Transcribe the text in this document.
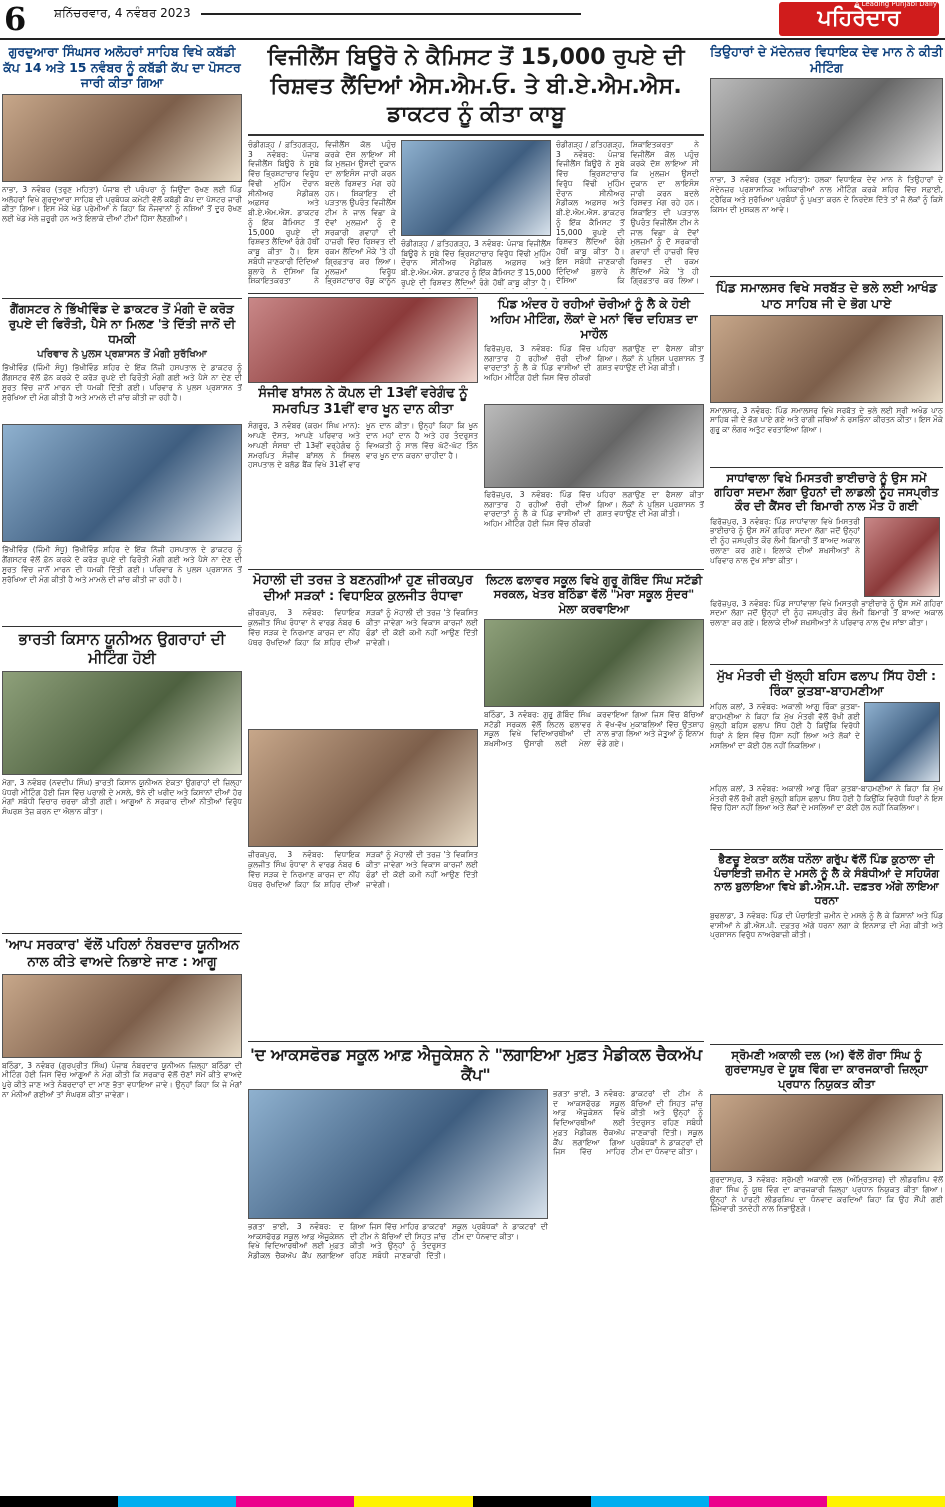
6 ਸ਼ਨਿੱਚਰਵਾਰ, 4 ਨਵੰਬਰ 2023	ਪਹਿਰੇਦਾਰ
A Leading Punjabi Daily
ਗੁਰਦੁਆਰਾ ਸਿੰਘਸਰ ਅਲੋਹਰਾਂ ਸਾਹਿਬ ਵਿਖੇ ਕਬੱਡੀ ਕੱਪ 14 ਅਤੇ 15 ਨਵੰਬਰ ਨੂੰ ਕਬੱਡੀ ਕੱਪ ਦਾ ਪੋਸਟਰ ਜਾਰੀ ਕੀਤਾ ਗਿਆ
ਨਾਭਾ, 3 ਨਵੰਬਰ (ਤਰੁਣ ਮਹਿਤਾ) ਪੰਜਾਬ ਦੀ ਪਰੰਪਰਾ ਨੂੰ ਜਿਉਂਦਾ ਰੱਖਣ ਲਈ ਪਿੰਡ ਅਲੋਹਰਾਂ ਵਿਖੇ ਗੁਰਦੁਆਰਾ ਸਾਹਿਬ ਦੀ ਪ੍ਰਬੰਧਕ ਕਮੇਟੀ ਵੱਲੋਂ ਕਬੱਡੀ ਕੱਪ ਦਾ ਪੋਸਟਰ ਜਾਰੀ ਕੀਤਾ ਗਿਆ। ਇਸ ਮੌਕੇ ਖੇਡ ਪ੍ਰੇਮੀਆਂ ਨੇ ਕਿਹਾ ਕਿ ਨੌਜਵਾਨਾਂ ਨੂੰ ਨਸ਼ਿਆਂ ਤੋਂ ਦੂਰ ਰੱਖਣ ਲਈ ਖੇਡ ਮੇਲੇ ਜ਼ਰੂਰੀ ਹਨ ਅਤੇ ਇਲਾਕੇ ਦੀਆਂ ਟੀਮਾਂ ਹਿੱਸਾ ਲੈਣਗੀਆਂ।
ਗੈਂਗਸਟਰ ਨੇ ਭਿੱਖੀਵਿੰਡ ਦੇ ਡਾਕਟਰ ਤੋਂ ਮੰਗੀ ਦੋ ਕਰੋੜ ਰੁਪਏ ਦੀ ਫਿਰੌਤੀ, ਪੈਸੇ ਨਾ ਮਿਲਣ 'ਤੇ ਦਿੱਤੀ ਜਾਨੋਂ ਦੀ ਧਮਕੀ
ਪਰਿਵਾਰ ਨੇ ਪੁਲਸ ਪ੍ਰਸ਼ਾਸਨ ਤੋਂ ਮੰਗੀ ਸੁਰੱਖਿਆ
ਭਿੱਖੀਵਿੰਡ (ਜਿੰਮੀ ਸੰਧੂ) ਭਿੱਖੀਵਿੰਡ ਸ਼ਹਿਰ ਦੇ ਇੱਕ ਨਿੱਜੀ ਹਸਪਤਾਲ ਦੇ ਡਾਕਟਰ ਨੂੰ ਗੈਂਗਸਟਰ ਵੱਲੋਂ ਫ਼ੋਨ ਕਰਕੇ ਦੋ ਕਰੋੜ ਰੁਪਏ ਦੀ ਫਿਰੌਤੀ ਮੰਗੀ ਗਈ ਅਤੇ ਪੈਸੇ ਨਾ ਦੇਣ ਦੀ ਸੂਰਤ ਵਿੱਚ ਜਾਨੋਂ ਮਾਰਨ ਦੀ ਧਮਕੀ ਦਿੱਤੀ ਗਈ। ਪਰਿਵਾਰ ਨੇ ਪੁਲਸ ਪ੍ਰਸ਼ਾਸਨ ਤੋਂ ਸੁਰੱਖਿਆ ਦੀ ਮੰਗ ਕੀਤੀ ਹੈ ਅਤੇ ਮਾਮਲੇ ਦੀ ਜਾਂਚ ਕੀਤੀ ਜਾ ਰਹੀ ਹੈ।
ਭਿੱਖੀਵਿੰਡ (ਜਿੰਮੀ ਸੰਧੂ) ਭਿੱਖੀਵਿੰਡ ਸ਼ਹਿਰ ਦੇ ਇੱਕ ਨਿੱਜੀ ਹਸਪਤਾਲ ਦੇ ਡਾਕਟਰ ਨੂੰ ਗੈਂਗਸਟਰ ਵੱਲੋਂ ਫ਼ੋਨ ਕਰਕੇ ਦੋ ਕਰੋੜ ਰੁਪਏ ਦੀ ਫਿਰੌਤੀ ਮੰਗੀ ਗਈ ਅਤੇ ਪੈਸੇ ਨਾ ਦੇਣ ਦੀ ਸੂਰਤ ਵਿੱਚ ਜਾਨੋਂ ਮਾਰਨ ਦੀ ਧਮਕੀ ਦਿੱਤੀ ਗਈ। ਪਰਿਵਾਰ ਨੇ ਪੁਲਸ ਪ੍ਰਸ਼ਾਸਨ ਤੋਂ ਸੁਰੱਖਿਆ ਦੀ ਮੰਗ ਕੀਤੀ ਹੈ ਅਤੇ ਮਾਮਲੇ ਦੀ ਜਾਂਚ ਕੀਤੀ ਜਾ ਰਹੀ ਹੈ।
ਭਾਰਤੀ ਕਿਸਾਨ ਯੂਨੀਅਨ ਉਗਰਾਹਾਂ ਦੀ ਮੀਟਿੰਗ ਹੋਈ
ਮੋਗਾ, 3 ਨਵੰਬਰ (ਨਵਦੀਪ ਸਿੰਘ) ਭਾਰਤੀ ਕਿਸਾਨ ਯੂਨੀਅਨ ਏਕਤਾ ਉਗਰਾਹਾਂ ਦੀ ਜ਼ਿਲ੍ਹਾ ਪੱਧਰੀ ਮੀਟਿੰਗ ਹੋਈ ਜਿਸ ਵਿੱਚ ਪਰਾਲੀ ਦੇ ਮਸਲੇ, ਝੋਨੇ ਦੀ ਖਰੀਦ ਅਤੇ ਕਿਸਾਨਾਂ ਦੀਆਂ ਹੋਰ ਮੰਗਾਂ ਸਬੰਧੀ ਵਿਚਾਰ ਚਰਚਾ ਕੀਤੀ ਗਈ। ਆਗੂਆਂ ਨੇ ਸਰਕਾਰ ਦੀਆਂ ਨੀਤੀਆਂ ਵਿਰੁੱਧ ਸੰਘਰਸ਼ ਤੇਜ਼ ਕਰਨ ਦਾ ਐਲਾਨ ਕੀਤਾ।
'ਆਪ ਸਰਕਾਰ' ਵੱਲੋਂ ਪਹਿਲਾਂ ਨੰਬਰਦਾਰ ਯੂਨੀਅਨ ਨਾਲ ਕੀਤੇ ਵਾਅਦੇ ਨਿਭਾਏ ਜਾਣ : ਆਗੂ
ਬਠਿੰਡਾ, 3 ਨਵੰਬਰ (ਗੁਰਪ੍ਰੀਤ ਸਿੰਘ) ਪੰਜਾਬ ਨੰਬਰਦਾਰ ਯੂਨੀਅਨ ਜ਼ਿਲ੍ਹਾ ਬਠਿੰਡਾ ਦੀ ਮੀਟਿੰਗ ਹੋਈ ਜਿਸ ਵਿੱਚ ਆਗੂਆਂ ਨੇ ਮੰਗ ਕੀਤੀ ਕਿ ਸਰਕਾਰ ਵੱਲੋਂ ਚੋਣਾਂ ਸਮੇਂ ਕੀਤੇ ਵਾਅਦੇ ਪੂਰੇ ਕੀਤੇ ਜਾਣ ਅਤੇ ਨੰਬਰਦਾਰਾਂ ਦਾ ਮਾਣ ਭੱਤਾ ਵਧਾਇਆ ਜਾਵੇ। ਉਨ੍ਹਾਂ ਕਿਹਾ ਕਿ ਜੇ ਮੰਗਾਂ ਨਾ ਮੰਨੀਆਂ ਗਈਆਂ ਤਾਂ ਸੰਘਰਸ਼ ਕੀਤਾ ਜਾਵੇਗਾ।
ਵਿਜੀਲੈਂਸ ਬਿਊਰੋ ਨੇ ਕੈਮਿਸਟ ਤੋਂ 15,000 ਰੁਪਏ ਦੀ ਰਿਸ਼ਵਤ ਲੈਂਦਿਆਂ ਐਸ.ਐਮ.ਓ. ਤੇ ਬੀ.ਏ.ਐਮ.ਐਸ. ਡਾਕਟਰ ਨੂੰ ਕੀਤਾ ਕਾਬੂ
ਚੰਡੀਗੜ੍ਹ / ਫ਼ਤਿਹਗੜ੍ਹ, 3 ਨਵੰਬਰ: ਪੰਜਾਬ ਵਿਜੀਲੈਂਸ ਬਿਊਰੋ ਨੇ ਸੂਬੇ ਵਿੱਚ ਭ੍ਰਿਸ਼ਟਾਚਾਰ ਵਿਰੁੱਧ ਵਿੱਢੀ ਮੁਹਿੰਮ ਦੌਰਾਨ ਸੀਨੀਅਰ ਮੈਡੀਕਲ ਅਫ਼ਸਰ ਅਤੇ ਬੀ.ਏ.ਐਮ.ਐਸ. ਡਾਕਟਰ ਨੂੰ ਇੱਕ ਕੈਮਿਸਟ ਤੋਂ 15,000 ਰੁਪਏ ਦੀ ਰਿਸ਼ਵਤ ਲੈਂਦਿਆਂ ਰੰਗੇ ਹੱਥੀਂ ਕਾਬੂ ਕੀਤਾ ਹੈ। ਇਸ ਸਬੰਧੀ ਜਾਣਕਾਰੀ ਦਿੰਦਿਆਂ ਬੁਲਾਰੇ ਨੇ ਦੱਸਿਆ ਕਿ ਸ਼ਿਕਾਇਤਕਰਤਾ ਨੇ ਵਿਜੀਲੈਂਸ ਕੋਲ ਪਹੁੰਚ ਕਰਕੇ ਦੋਸ਼ ਲਾਇਆ ਸੀ ਕਿ ਮੁਲਜ਼ਮ ਉਸਦੀ ਦੁਕਾਨ ਦਾ ਲਾਇਸੰਸ ਜਾਰੀ ਕਰਨ ਬਦਲੇ ਰਿਸ਼ਵਤ ਮੰਗ ਰਹੇ ਹਨ। ਸ਼ਿਕਾਇਤ ਦੀ ਪੜਤਾਲ ਉਪਰੰਤ ਵਿਜੀਲੈਂਸ ਟੀਮ ਨੇ ਜਾਲ ਵਿਛਾ ਕੇ ਦੋਵਾਂ ਮੁਲਜ਼ਮਾਂ ਨੂੰ ਦੋ ਸਰਕਾਰੀ ਗਵਾਹਾਂ ਦੀ ਹਾਜ਼ਰੀ ਵਿੱਚ ਰਿਸ਼ਵਤ ਦੀ ਰਕਮ ਲੈਂਦਿਆਂ ਮੌਕੇ 'ਤੇ ਹੀ ਗ੍ਰਿਫ਼ਤਾਰ ਕਰ ਲਿਆ। ਮੁਲਜ਼ਮਾਂ ਵਿਰੁੱਧ ਭ੍ਰਿਸ਼ਟਾਚਾਰ ਰੋਕੂ ਕਾਨੂੰਨ
ਚੰਡੀਗੜ੍ਹ / ਫ਼ਤਿਹਗੜ੍ਹ, 3 ਨਵੰਬਰ: ਪੰਜਾਬ ਵਿਜੀਲੈਂਸ ਬਿਊਰੋ ਨੇ ਸੂਬੇ ਵਿੱਚ ਭ੍ਰਿਸ਼ਟਾਚਾਰ ਵਿਰੁੱਧ ਵਿੱਢੀ ਮੁਹਿੰਮ ਦੌਰਾਨ ਸੀਨੀਅਰ ਮੈਡੀਕਲ ਅਫ਼ਸਰ ਅਤੇ ਬੀ.ਏ.ਐਮ.ਐਸ. ਡਾਕਟਰ ਨੂੰ ਇੱਕ ਕੈਮਿਸਟ ਤੋਂ 15,000 ਰੁਪਏ ਦੀ ਰਿਸ਼ਵਤ ਲੈਂਦਿਆਂ ਰੰਗੇ ਹੱਥੀਂ ਕਾਬੂ ਕੀਤਾ ਹੈ।
ਚੰਡੀਗੜ੍ਹ / ਫ਼ਤਿਹਗੜ੍ਹ, 3 ਨਵੰਬਰ: ਪੰਜਾਬ ਵਿਜੀਲੈਂਸ ਬਿਊਰੋ ਨੇ ਸੂਬੇ ਵਿੱਚ ਭ੍ਰਿਸ਼ਟਾਚਾਰ ਵਿਰੁੱਧ ਵਿੱਢੀ ਮੁਹਿੰਮ ਦੌਰਾਨ ਸੀਨੀਅਰ ਮੈਡੀਕਲ ਅਫ਼ਸਰ ਅਤੇ ਬੀ.ਏ.ਐਮ.ਐਸ. ਡਾਕਟਰ ਨੂੰ ਇੱਕ ਕੈਮਿਸਟ ਤੋਂ 15,000 ਰੁਪਏ ਦੀ ਰਿਸ਼ਵਤ ਲੈਂਦਿਆਂ ਰੰਗੇ ਹੱਥੀਂ ਕਾਬੂ ਕੀਤਾ ਹੈ। ਇਸ ਸਬੰਧੀ ਜਾਣਕਾਰੀ ਦਿੰਦਿਆਂ ਬੁਲਾਰੇ ਨੇ ਦੱਸਿਆ ਕਿ ਸ਼ਿਕਾਇਤਕਰਤਾ ਨੇ ਵਿਜੀਲੈਂਸ ਕੋਲ ਪਹੁੰਚ ਕਰਕੇ ਦੋਸ਼ ਲਾਇਆ ਸੀ ਕਿ ਮੁਲਜ਼ਮ ਉਸਦੀ ਦੁਕਾਨ ਦਾ ਲਾਇਸੰਸ ਜਾਰੀ ਕਰਨ ਬਦਲੇ ਰਿਸ਼ਵਤ ਮੰਗ ਰਹੇ ਹਨ। ਸ਼ਿਕਾਇਤ ਦੀ ਪੜਤਾਲ ਉਪਰੰਤ ਵਿਜੀਲੈਂਸ ਟੀਮ ਨੇ ਜਾਲ ਵਿਛਾ ਕੇ ਦੋਵਾਂ ਮੁਲਜ਼ਮਾਂ ਨੂੰ ਦੋ ਸਰਕਾਰੀ ਗਵਾਹਾਂ ਦੀ ਹਾਜ਼ਰੀ ਵਿੱਚ ਰਿਸ਼ਵਤ ਦੀ ਰਕਮ ਲੈਂਦਿਆਂ ਮੌਕੇ 'ਤੇ ਹੀ ਗ੍ਰਿਫ਼ਤਾਰ ਕਰ ਲਿਆ।
ਸੰਜੀਵ ਬਾਂਸਲ ਨੇ ਕੋਪਲ ਦੀ 13ਵੀਂ ਵਰੇਗੰਢ ਨੂੰ ਸਮਰਪਿਤ 31ਵੀਂ ਵਾਰ ਖੂਨ ਦਾਨ ਕੀਤਾ
ਸੰਗਰੂਰ, 3 ਨਵੰਬਰ (ਕਰਮ ਸਿੰਘ ਮਾਨ): ਆਪਣੇ ਦੋਸਤ, ਆਪਣੇ ਪਰਿਵਾਰ ਅਤੇ ਆਪਣੀ ਸੰਸਥਾ ਦੀ 13ਵੀਂ ਵਰ੍ਹੇਗੰਢ ਨੂੰ ਸਮਰਪਿਤ ਸੰਜੀਵ ਬਾਂਸਲ ਨੇ ਸਿਵਲ ਹਸਪਤਾਲ ਦੇ ਬਲੱਡ ਬੈਂਕ ਵਿਖੇ 31ਵੀਂ ਵਾਰ ਖੂਨ ਦਾਨ ਕੀਤਾ। ਉਨ੍ਹਾਂ ਕਿਹਾ ਕਿ ਖੂਨ ਦਾਨ ਮਹਾਂ ਦਾਨ ਹੈ ਅਤੇ ਹਰ ਤੰਦਰੁਸਤ ਵਿਅਕਤੀ ਨੂੰ ਸਾਲ ਵਿੱਚ ਘੱਟੋ-ਘੱਟ ਤਿੰਨ ਵਾਰ ਖੂਨ ਦਾਨ ਕਰਨਾ ਚਾਹੀਦਾ ਹੈ।
ਪਿੰਡ ਅੰਦਰ ਹੋ ਰਹੀਆਂ ਚੋਰੀਆਂ ਨੂੰ ਲੈ ਕੇ ਹੋਈ ਅਹਿਮ ਮੀਟਿੰਗ, ਲੋਕਾਂ ਦੇ ਮਨਾਂ ਵਿੱਚ ਦਹਿਸ਼ਤ ਦਾ ਮਾਹੌਲ
ਫਿਰੋਜ਼ਪੁਰ, 3 ਨਵੰਬਰ: ਪਿੰਡ ਵਿੱਚ ਲਗਾਤਾਰ ਹੋ ਰਹੀਆਂ ਚੋਰੀ ਦੀਆਂ ਵਾਰਦਾਤਾਂ ਨੂੰ ਲੈ ਕੇ ਪਿੰਡ ਵਾਸੀਆਂ ਦੀ ਅਹਿਮ ਮੀਟਿੰਗ ਹੋਈ ਜਿਸ ਵਿੱਚ ਠੀਕਰੀ ਪਹਿਰਾ ਲਗਾਉਣ ਦਾ ਫੈਸਲਾ ਕੀਤਾ ਗਿਆ। ਲੋਕਾਂ ਨੇ ਪੁਲਿਸ ਪ੍ਰਸ਼ਾਸਨ ਤੋਂ ਗਸ਼ਤ ਵਧਾਉਣ ਦੀ ਮੰਗ ਕੀਤੀ।
ਫਿਰੋਜ਼ਪੁਰ, 3 ਨਵੰਬਰ: ਪਿੰਡ ਵਿੱਚ ਲਗਾਤਾਰ ਹੋ ਰਹੀਆਂ ਚੋਰੀ ਦੀਆਂ ਵਾਰਦਾਤਾਂ ਨੂੰ ਲੈ ਕੇ ਪਿੰਡ ਵਾਸੀਆਂ ਦੀ ਅਹਿਮ ਮੀਟਿੰਗ ਹੋਈ ਜਿਸ ਵਿੱਚ ਠੀਕਰੀ ਪਹਿਰਾ ਲਗਾਉਣ ਦਾ ਫੈਸਲਾ ਕੀਤਾ ਗਿਆ। ਲੋਕਾਂ ਨੇ ਪੁਲਿਸ ਪ੍ਰਸ਼ਾਸਨ ਤੋਂ ਗਸ਼ਤ ਵਧਾਉਣ ਦੀ ਮੰਗ ਕੀਤੀ।
ਮੋਹਾਲੀ ਦੀ ਤਰਜ਼ ਤੇ ਬਣਨਗੀਆਂ ਹੁਣ ਜ਼ੀਰਕਪੁਰ ਦੀਆਂ ਸੜਕਾਂ : ਵਿਧਾਇਕ ਕੁਲਜੀਤ ਰੰਧਾਵਾ
ਜ਼ੀਰਕਪੁਰ, 3 ਨਵੰਬਰ: ਵਿਧਾਇਕ ਕੁਲਜੀਤ ਸਿੰਘ ਰੰਧਾਵਾ ਨੇ ਵਾਰਡ ਨੰਬਰ 6 ਵਿੱਚ ਸੜਕ ਦੇ ਨਿਰਮਾਣ ਕਾਰਜ ਦਾ ਨੀਂਹ ਪੱਥਰ ਰੱਖਦਿਆਂ ਕਿਹਾ ਕਿ ਸ਼ਹਿਰ ਦੀਆਂ ਸੜਕਾਂ ਨੂੰ ਮੋਹਾਲੀ ਦੀ ਤਰਜ਼ 'ਤੇ ਵਿਕਸਿਤ ਕੀਤਾ ਜਾਵੇਗਾ ਅਤੇ ਵਿਕਾਸ ਕਾਰਜਾਂ ਲਈ ਫੰਡਾਂ ਦੀ ਕੋਈ ਕਮੀ ਨਹੀਂ ਆਉਣ ਦਿੱਤੀ ਜਾਵੇਗੀ।
ਜ਼ੀਰਕਪੁਰ, 3 ਨਵੰਬਰ: ਵਿਧਾਇਕ ਕੁਲਜੀਤ ਸਿੰਘ ਰੰਧਾਵਾ ਨੇ ਵਾਰਡ ਨੰਬਰ 6 ਵਿੱਚ ਸੜਕ ਦੇ ਨਿਰਮਾਣ ਕਾਰਜ ਦਾ ਨੀਂਹ ਪੱਥਰ ਰੱਖਦਿਆਂ ਕਿਹਾ ਕਿ ਸ਼ਹਿਰ ਦੀਆਂ ਸੜਕਾਂ ਨੂੰ ਮੋਹਾਲੀ ਦੀ ਤਰਜ਼ 'ਤੇ ਵਿਕਸਿਤ ਕੀਤਾ ਜਾਵੇਗਾ ਅਤੇ ਵਿਕਾਸ ਕਾਰਜਾਂ ਲਈ ਫੰਡਾਂ ਦੀ ਕੋਈ ਕਮੀ ਨਹੀਂ ਆਉਣ ਦਿੱਤੀ ਜਾਵੇਗੀ।
ਲਿਟਲ ਫਲਾਵਰ ਸਕੂਲ ਵਿਖੇ ਗੁਰੂ ਗੋਬਿੰਦ ਸਿੰਘ ਸਟੱਡੀ ਸਰਕਲ, ਖੇਤਰ ਬਠਿੰਡਾ ਵੱਲੋਂ "ਮੇਰਾ ਸਕੂਲ ਸੁੰਦਰ" ਮੇਲਾ ਕਰਵਾਇਆ
ਬਠਿੰਡਾ, 3 ਨਵੰਬਰ: ਗੁਰੂ ਗੋਬਿੰਦ ਸਿੰਘ ਸਟੱਡੀ ਸਰਕਲ ਵੱਲੋਂ ਲਿਟਲ ਫਲਾਵਰ ਸਕੂਲ ਵਿਖੇ ਵਿਦਿਆਰਥੀਆਂ ਦੀ ਸ਼ਖ਼ਸੀਅਤ ਉਸਾਰੀ ਲਈ ਮੇਲਾ ਕਰਵਾਇਆ ਗਿਆ ਜਿਸ ਵਿੱਚ ਬੱਚਿਆਂ ਨੇ ਵੱਖ-ਵੱਖ ਮੁਕਾਬਲਿਆਂ ਵਿੱਚ ਉਤਸ਼ਾਹ ਨਾਲ ਭਾਗ ਲਿਆ ਅਤੇ ਜੇਤੂਆਂ ਨੂੰ ਇਨਾਮ ਵੰਡੇ ਗਏ।
'ਦ ਆਕਸਫੋਰਡ ਸਕੂਲ ਆਫ਼ ਐਜੂਕੇਸ਼ਨ ਨੇ "ਲਗਾਇਆ ਮੁਫ਼ਤ ਮੈਡੀਕਲ ਚੈਕਅੱਪ ਕੈਂਪ"
ਭਗਤਾ ਭਾਈ, 3 ਨਵੰਬਰ: ਦ ਆਕਸਫੋਰਡ ਸਕੂਲ ਆਫ਼ ਐਜੂਕੇਸ਼ਨ ਵਿਖੇ ਵਿਦਿਆਰਥੀਆਂ ਲਈ ਮੁਫ਼ਤ ਮੈਡੀਕਲ ਚੈਕਅੱਪ ਕੈਂਪ ਲਗਾਇਆ ਗਿਆ ਜਿਸ ਵਿੱਚ ਮਾਹਿਰ ਡਾਕਟਰਾਂ ਦੀ ਟੀਮ ਨੇ ਬੱਚਿਆਂ ਦੀ ਸਿਹਤ ਜਾਂਚ ਕੀਤੀ ਅਤੇ ਉਨ੍ਹਾਂ ਨੂੰ ਤੰਦਰੁਸਤ ਰਹਿਣ ਸਬੰਧੀ ਜਾਣਕਾਰੀ ਦਿੱਤੀ। ਸਕੂਲ ਪ੍ਰਬੰਧਕਾਂ ਨੇ ਡਾਕਟਰਾਂ ਦੀ ਟੀਮ ਦਾ ਧੰਨਵਾਦ ਕੀਤਾ।
ਭਗਤਾ ਭਾਈ, 3 ਨਵੰਬਰ: ਦ ਆਕਸਫੋਰਡ ਸਕੂਲ ਆਫ਼ ਐਜੂਕੇਸ਼ਨ ਵਿਖੇ ਵਿਦਿਆਰਥੀਆਂ ਲਈ ਮੁਫ਼ਤ ਮੈਡੀਕਲ ਚੈਕਅੱਪ ਕੈਂਪ ਲਗਾਇਆ ਗਿਆ ਜਿਸ ਵਿੱਚ ਮਾਹਿਰ ਡਾਕਟਰਾਂ ਦੀ ਟੀਮ ਨੇ ਬੱਚਿਆਂ ਦੀ ਸਿਹਤ ਜਾਂਚ ਕੀਤੀ ਅਤੇ ਉਨ੍ਹਾਂ ਨੂੰ ਤੰਦਰੁਸਤ ਰਹਿਣ ਸਬੰਧੀ ਜਾਣਕਾਰੀ ਦਿੱਤੀ। ਸਕੂਲ ਪ੍ਰਬੰਧਕਾਂ ਨੇ ਡਾਕਟਰਾਂ ਦੀ ਟੀਮ ਦਾ ਧੰਨਵਾਦ ਕੀਤਾ।
ਤਿਉਹਾਰਾਂ ਦੇ ਮੱਦੇਨਜ਼ਰ ਵਿਧਾਇਕ ਦੇਵ ਮਾਨ ਨੇ ਕੀਤੀ ਮੀਟਿੰਗ
ਨਾਭਾ, 3 ਨਵੰਬਰ (ਤਰੁਣ ਮਹਿਤਾ): ਹਲਕਾ ਵਿਧਾਇਕ ਦੇਵ ਮਾਨ ਨੇ ਤਿਉਹਾਰਾਂ ਦੇ ਮੱਦੇਨਜ਼ਰ ਪ੍ਰਸ਼ਾਸਨਿਕ ਅਧਿਕਾਰੀਆਂ ਨਾਲ ਮੀਟਿੰਗ ਕਰਕੇ ਸ਼ਹਿਰ ਵਿੱਚ ਸਫ਼ਾਈ, ਟ੍ਰੈਫਿਕ ਅਤੇ ਸੁਰੱਖਿਆ ਪ੍ਰਬੰਧਾਂ ਨੂੰ ਪੁਖ਼ਤਾ ਕਰਨ ਦੇ ਨਿਰਦੇਸ਼ ਦਿੱਤੇ ਤਾਂ ਜੋ ਲੋਕਾਂ ਨੂੰ ਕਿਸੇ ਕਿਸਮ ਦੀ ਮੁਸ਼ਕਲ ਨਾ ਆਵੇ।
ਪਿੰਡ ਸਮਾਲਸਰ ਵਿਖੇ ਸਰਬੱਤ ਦੇ ਭਲੇ ਲਈ ਆਖੰਡ ਪਾਠ ਸਾਹਿਬ ਜੀ ਦੇ ਭੋਗ ਪਾਏ
ਸਮਾਲਸਰ, 3 ਨਵੰਬਰ: ਪਿੰਡ ਸਮਾਲਸਰ ਵਿਖੇ ਸਰਬੱਤ ਦੇ ਭਲੇ ਲਈ ਸ੍ਰੀ ਅਖੰਡ ਪਾਠ ਸਾਹਿਬ ਜੀ ਦੇ ਭੋਗ ਪਾਏ ਗਏ ਅਤੇ ਰਾਗੀ ਜਥਿਆਂ ਨੇ ਰਸਭਿੰਨਾ ਕੀਰਤਨ ਕੀਤਾ। ਇਸ ਮੌਕੇ ਗੁਰੂ ਕਾ ਲੰਗਰ ਅਤੁੱਟ ਵਰਤਾਇਆ ਗਿਆ।
ਸਾਧਾਂਵਾਲਾ ਵਿਖੇ ਮਿਸਤਰੀ ਭਾਈਚਾਰੇ ਨੂੰ ਉਸ ਸਮੇਂ ਗਹਿਰਾ ਸਦਮਾ ਲੱਗਾ ਉਹਨਾਂ ਦੀ ਲਾਡਲੀ ਨੂੰਹ ਜਸਪ੍ਰੀਤ ਕੌਰ ਦੀ ਕੈਂਸਰ ਦੀ ਬਿਮਾਰੀ ਨਾਲ ਮੌਤ ਹੋ ਗਈ
ਫਿਰੋਜ਼ਪੁਰ, 3 ਨਵੰਬਰ: ਪਿੰਡ ਸਾਧਾਂਵਾਲਾ ਵਿਖੇ ਮਿਸਤਰੀ ਭਾਈਚਾਰੇ ਨੂੰ ਉਸ ਸਮੇਂ ਗਹਿਰਾ ਸਦਮਾ ਲੱਗਾ ਜਦੋਂ ਉਨ੍ਹਾਂ ਦੀ ਨੂੰਹ ਜਸਪ੍ਰੀਤ ਕੌਰ ਲੰਮੀ ਬਿਮਾਰੀ ਤੋਂ ਬਾਅਦ ਅਕਾਲ ਚਲਾਣਾ ਕਰ ਗਏ। ਇਲਾਕੇ ਦੀਆਂ ਸ਼ਖ਼ਸੀਅਤਾਂ ਨੇ ਪਰਿਵਾਰ ਨਾਲ ਦੁੱਖ ਸਾਂਝਾ ਕੀਤਾ।
ਫਿਰੋਜ਼ਪੁਰ, 3 ਨਵੰਬਰ: ਪਿੰਡ ਸਾਧਾਂਵਾਲਾ ਵਿਖੇ ਮਿਸਤਰੀ ਭਾਈਚਾਰੇ ਨੂੰ ਉਸ ਸਮੇਂ ਗਹਿਰਾ ਸਦਮਾ ਲੱਗਾ ਜਦੋਂ ਉਨ੍ਹਾਂ ਦੀ ਨੂੰਹ ਜਸਪ੍ਰੀਤ ਕੌਰ ਲੰਮੀ ਬਿਮਾਰੀ ਤੋਂ ਬਾਅਦ ਅਕਾਲ ਚਲਾਣਾ ਕਰ ਗਏ। ਇਲਾਕੇ ਦੀਆਂ ਸ਼ਖ਼ਸੀਅਤਾਂ ਨੇ ਪਰਿਵਾਰ ਨਾਲ ਦੁੱਖ ਸਾਂਝਾ ਕੀਤਾ।
ਮੁੱਖ ਮੰਤਰੀ ਦੀ ਖੁੱਲ੍ਹੀ ਬਹਿਸ ਫਲਾਪ ਸਿੱਧ ਹੋਈ : ਰਿੰਕਾ ਕੁਤਬਾ-ਬਾਹਮਣੀਆ
ਮਹਿਲ ਕਲਾਂ, 3 ਨਵੰਬਰ: ਅਕਾਲੀ ਆਗੂ ਰਿੰਕਾ ਕੁਤਬਾ-ਬਾਹਮਣੀਆ ਨੇ ਕਿਹਾ ਕਿ ਮੁੱਖ ਮੰਤਰੀ ਵੱਲੋਂ ਰੱਖੀ ਗਈ ਖੁੱਲ੍ਹੀ ਬਹਿਸ ਫਲਾਪ ਸਿੱਧ ਹੋਈ ਹੈ ਕਿਉਂਕਿ ਵਿਰੋਧੀ ਧਿਰਾਂ ਨੇ ਇਸ ਵਿੱਚ ਹਿੱਸਾ ਨਹੀਂ ਲਿਆ ਅਤੇ ਲੋਕਾਂ ਦੇ ਮਸਲਿਆਂ ਦਾ ਕੋਈ ਹੱਲ ਨਹੀਂ ਨਿਕਲਿਆ।
ਮਹਿਲ ਕਲਾਂ, 3 ਨਵੰਬਰ: ਅਕਾਲੀ ਆਗੂ ਰਿੰਕਾ ਕੁਤਬਾ-ਬਾਹਮਣੀਆ ਨੇ ਕਿਹਾ ਕਿ ਮੁੱਖ ਮੰਤਰੀ ਵੱਲੋਂ ਰੱਖੀ ਗਈ ਖੁੱਲ੍ਹੀ ਬਹਿਸ ਫਲਾਪ ਸਿੱਧ ਹੋਈ ਹੈ ਕਿਉਂਕਿ ਵਿਰੋਧੀ ਧਿਰਾਂ ਨੇ ਇਸ ਵਿੱਚ ਹਿੱਸਾ ਨਹੀਂ ਲਿਆ ਅਤੇ ਲੋਕਾਂ ਦੇ ਮਸਲਿਆਂ ਦਾ ਕੋਈ ਹੱਲ ਨਹੀਂ ਨਿਕਲਿਆ।
ਭੈਣਚੂ ਏਕਤਾ ਕਲੱਬ ਧਨੌਲਾ ਗਰੁੱਪ ਵੱਲੋਂ ਪਿੰਡ ਕੁਠਾਲਾ ਦੀ ਪੰਚਾਇਤੀ ਜ਼ਮੀਨ ਦੇ ਮਸਲੇ ਨੂੰ ਲੈ ਕੇ ਸੰਬੰਧੀਆਂ ਦੇ ਸਹਿਯੋਗ ਨਾਲ ਬੁਲਾਇਆ ਵਿਖੇ ਡੀ.ਐਸ.ਪੀ. ਦਫ਼ਤਰ ਅੱਗੇ ਲਾਇਆ ਧਰਨਾ
ਬੁਢਲਾਡਾ, 3 ਨਵੰਬਰ: ਪਿੰਡ ਦੀ ਪੰਚਾਇਤੀ ਜ਼ਮੀਨ ਦੇ ਮਸਲੇ ਨੂੰ ਲੈ ਕੇ ਕਿਸਾਨਾਂ ਅਤੇ ਪਿੰਡ ਵਾਸੀਆਂ ਨੇ ਡੀ.ਐਸ.ਪੀ. ਦਫ਼ਤਰ ਅੱਗੇ ਧਰਨਾ ਲਗਾ ਕੇ ਇਨਸਾਫ਼ ਦੀ ਮੰਗ ਕੀਤੀ ਅਤੇ ਪ੍ਰਸ਼ਾਸਨ ਵਿਰੁੱਧ ਨਾਅਰੇਬਾਜ਼ੀ ਕੀਤੀ।
ਸ੍ਰੋਮਣੀ ਅਕਾਲੀ ਦਲ (ਅ) ਵੱਲੋਂ ਗੋਰਾ ਸਿੰਘ ਨੂੰ ਗੁਰਦਾਸਪੁਰ ਦੇ ਯੂਥ ਵਿੰਗ ਦਾ ਕਾਰਜਕਾਰੀ ਜ਼ਿਲ੍ਹਾ ਪ੍ਰਧਾਨ ਨਿਯੁਕਤ ਕੀਤਾ
ਗੁਰਦਾਸਪੁਰ, 3 ਨਵੰਬਰ: ਸ਼੍ਰੋਮਣੀ ਅਕਾਲੀ ਦਲ (ਅੰਮ੍ਰਿਤਸਰ) ਦੀ ਲੀਡਰਸ਼ਿਪ ਵੱਲੋਂ ਗੋਰਾ ਸਿੰਘ ਨੂੰ ਯੂਥ ਵਿੰਗ ਦਾ ਕਾਰਜਕਾਰੀ ਜ਼ਿਲ੍ਹਾ ਪ੍ਰਧਾਨ ਨਿਯੁਕਤ ਕੀਤਾ ਗਿਆ। ਉਨ੍ਹਾਂ ਨੇ ਪਾਰਟੀ ਲੀਡਰਸ਼ਿਪ ਦਾ ਧੰਨਵਾਦ ਕਰਦਿਆਂ ਕਿਹਾ ਕਿ ਉਹ ਸੌਂਪੀ ਗਈ ਜ਼ਿੰਮੇਵਾਰੀ ਤਨਦੇਹੀ ਨਾਲ ਨਿਭਾਉਣਗੇ।
